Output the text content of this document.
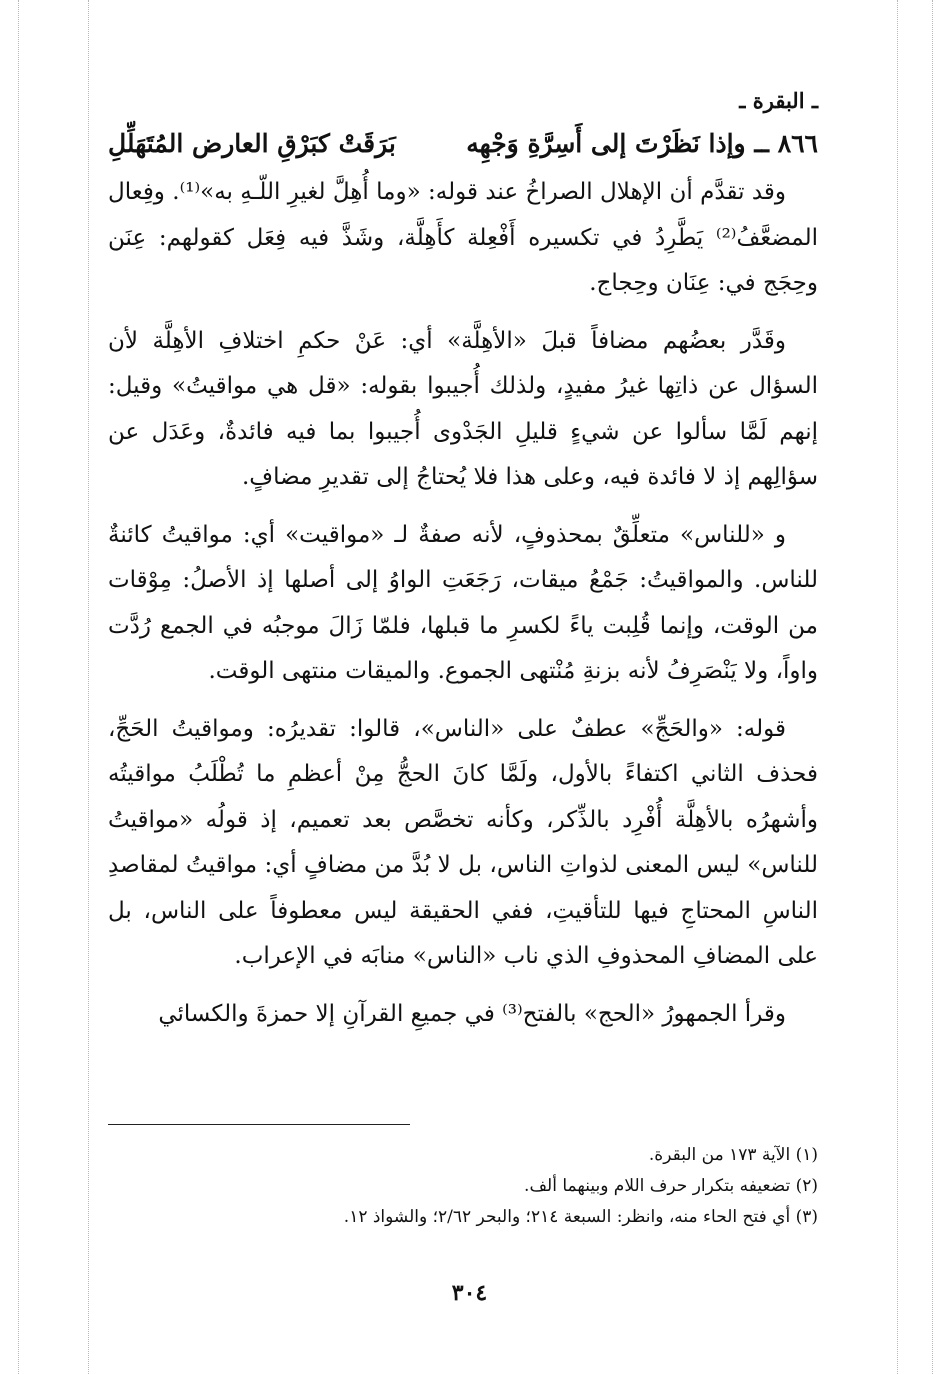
ـ البقرة ـ
٨٦٦ ــ وإذا نَظَرْتَ إلى أَسِرَّةِ وَجْهِه
بَرَقَتْ كبَرْقِ العارض المُتَهَلِّلِ

وقد تقدَّم أن الإهلال الصراخُ عند قوله: «وما أُهِلَّ لغيرِ اللّـهِ به»⁽¹⁾. وفِعال المضعَّفُ⁽²⁾ يَطَّرِدُ في تكسيره أَفْعِلة كأَهِلَّة، وشَذَّ فيه فِعَل كقولهم: عِنَن وحِجَج في: عِنَان وحِجاج.

وقَدَّر بعضُهم مضافاً قبلَ «الأهِلَّة» أي: عَنْ حكمِ اختلافِ الأهِلَّة لأن السؤال عن ذاتِها غيرُ مفيدٍ، ولذلك أُجيبوا بقوله: «قل هي مواقيتُ» وقيل: إنهم لَمَّا سألوا عن شيءٍ قليلِ الجَدْوى أُجيبوا بما فيه فائدةٌ، وعَدَل عن سؤالِهم إذ لا فائدة فيه، وعلى هذا فلا يُحتاجُ إلى تقديرِ مضافٍ.

و «للناس» متعلِّقٌ بمحذوفٍ، لأنه صفةٌ لـ «مواقيت» أي: مواقيتُ كائنةٌ للناس. والمواقيتُ: جَمْعُ ميقات، رَجَعَتِ الواوُ إلى أصلها إذ الأصلُ: مِوْقات من الوقت، وإنما قُلِبت ياءً لكسرِ ما قبلها، فلمّا زَالَ موجبُه في الجمع رُدَّت واواً، ولا يَنْصَرِفُ لأنه بزنةِ مُنْتهى الجموع. والميقات منتهى الوقت.

قوله: «والحَجِّ» عطفٌ على «الناس»، قالوا: تقديرُه: ومواقيتُ الحَجِّ، فحذف الثاني اكتفاءً بالأول، ولَمَّا كانَ الحجُّ مِنْ أعظمِ ما تُطْلَبُ مواقيتُه وأشهرُه بالأهِلَّة أُفْرِد بالذِّكر، وكأنه تخصَّص بعد تعميم، إذ قولُه «مواقيتُ للناس» ليس المعنى لذواتِ الناس، بل لا بُدَّ من مضافٍ أي: مواقيتُ لمقاصدِ الناسِ المحتاجِ فيها للتأقيتِ، ففي الحقيقة ليس معطوفاً على الناس، بل على المضافِ المحذوفِ الذي ناب «الناس» منابَه في الإعراب.

وقرأ الجمهورُ «الحج» بالفتح⁽³⁾ في جميعِ القرآنِ إلا حمزةَ والكسائي

(١) الآية ١٧٣ من البقرة.
(٢) تضعيفه بتكرار حرف اللام وبينهما ألف.
(٣) أي فتح الحاء منه، وانظر: السبعة ٢١٤؛ والبحر ٢/٦٢؛ والشواذ ١٢.
٣٠٤
